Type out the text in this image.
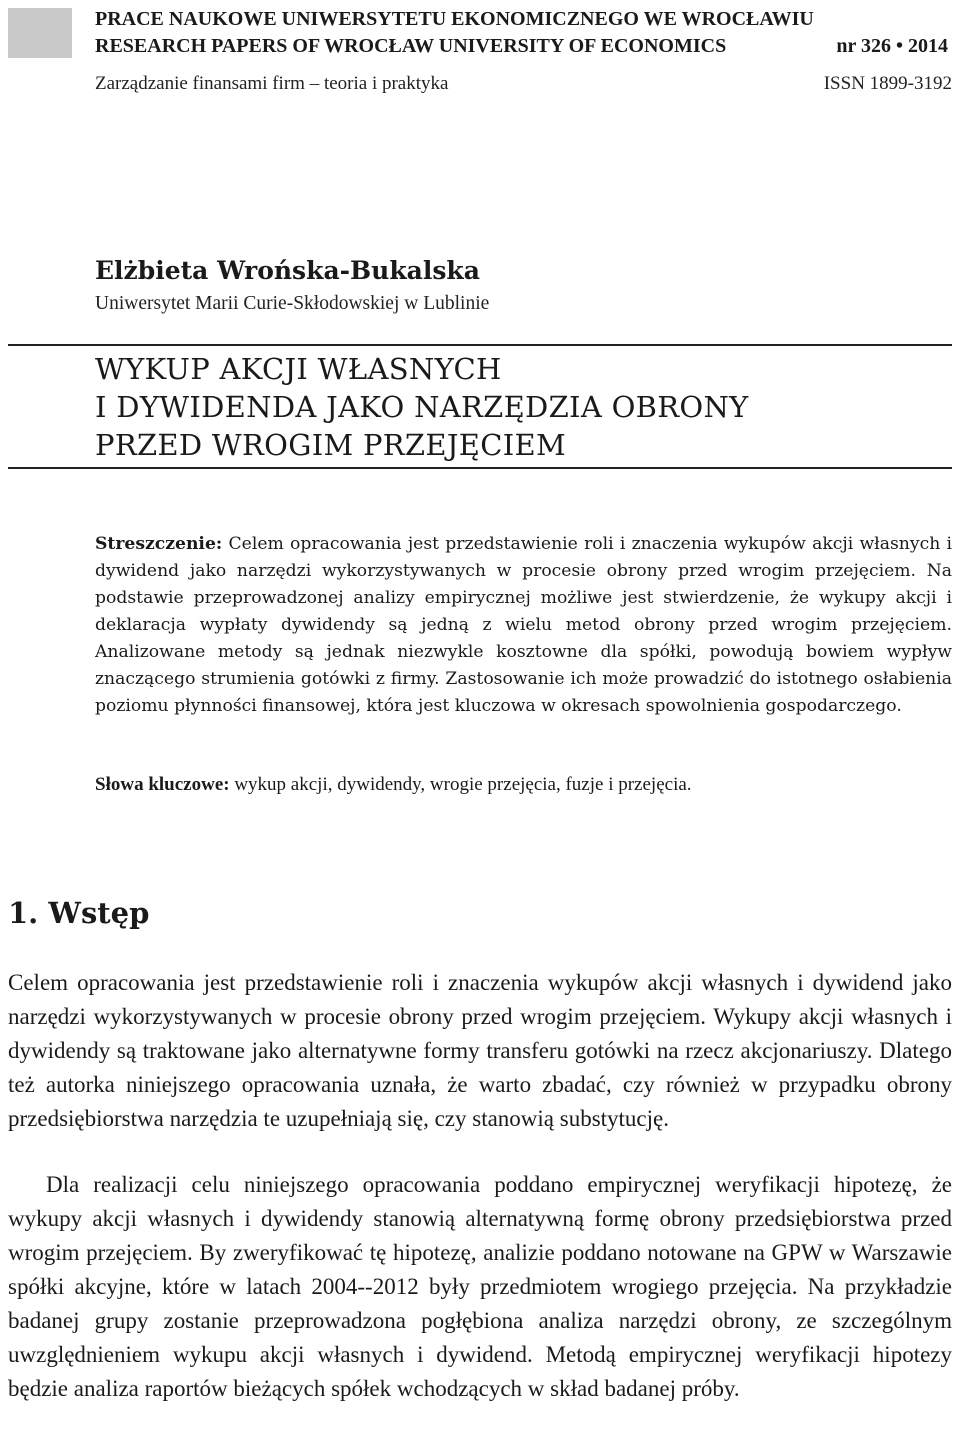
PRACE NAUKOWE UNIWERSYTETU EKONOMICZNEGO WE WROCŁAWIU
RESEARCH PAPERS OF WROCŁAW UNIVERSITY OF ECONOMICS	nr 326 • 2014
Zarządzanie finansami firm – teoria i praktyka	ISSN 1899-3192
Elżbieta Wrońska-Bukalska
Uniwersytet Marii Curie-Skłodowskiej w Lublinie
WYKUP AKCJI WŁASNYCH
I DYWIDENDA JAKO NARZĘDZIA OBRONY
PRZED WROGIM PRZEJĘCIEM
Streszczenie: Celem opracowania jest przedstawienie roli i znaczenia wykupów akcji własnych i dywidend jako narzędzi wykorzystywanych w procesie obrony przed wrogim przejęciem. Na podstawie przeprowadzonej analizy empirycznej możliwe jest stwierdzenie, że wykupy akcji i deklaracja wypłaty dywidendy są jedną z wielu metod obrony przed wrogim przejęciem. Analizowane metody są jednak niezwykle kosztowne dla spółki, powodują bowiem wypływ znaczącego strumienia gotówki z firmy. Zastosowanie ich może prowadzić do istotnego osłabienia poziomu płynności finansowej, która jest kluczowa w okresach spowolnienia gospodarczego.
Słowa kluczowe: wykup akcji, dywidendy, wrogie przejęcia, fuzje i przejęcia.
1. Wstęp
Celem opracowania jest przedstawienie roli i znaczenia wykupów akcji własnych i dywidend jako narzędzi wykorzystywanych w procesie obrony przed wrogim przejęciem. Wykupy akcji własnych i dywidendy są traktowane jako alternatywne formy transferu gotówki na rzecz akcjonariuszy. Dlatego też autorka niniejszego opracowania uznała, że warto zbadać, czy również w przypadku obrony przedsiębiorstwa narzędzia te uzupełniają się, czy stanowią substytucję.
Dla realizacji celu niniejszego opracowania poddano empirycznej weryfikacji hipotezę, że wykupy akcji własnych i dywidendy stanowią alternatywną formę obrony przedsiębiorstwa przed wrogim przejęciem. By zweryfikować tę hipotezę, analizie poddano notowane na GPW w Warszawie spółki akcyjne, które w latach 2004--2012 były przedmiotem wrogiego przejęcia. Na przykładzie badanej grupy zostanie przeprowadzona pogłębiona analiza narzędzi obrony, ze szczególnym uwzględnieniem wykupu akcji własnych i dywidend. Metodą empirycznej weryfikacji hipotezy będzie analiza raportów bieżących spółek wchodzących w skład badanej próby.
